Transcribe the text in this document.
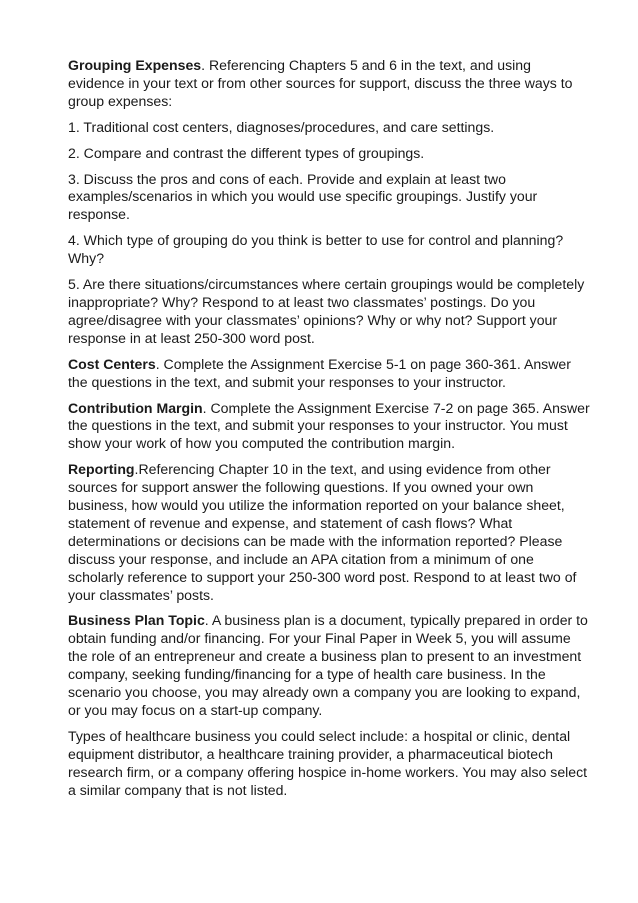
Grouping Expenses. Referencing Chapters 5 and 6 in the text, and using evidence in your text or from other sources for support, discuss the three ways to group expenses:

1. Traditional cost centers, diagnoses/procedures, and care settings.

2. Compare and contrast the different types of groupings.

3. Discuss the pros and cons of each. Provide and explain at least two examples/scenarios in which you would use specific groupings. Justify your response.

4. Which type of grouping do you think is better to use for control and planning? Why?

5. Are there situations/circumstances where certain groupings would be completely inappropriate? Why? Respond to at least two classmates’ postings. Do you agree/disagree with your classmates’ opinions? Why or why not? Support your response in at least 250-300 word post.

Cost Centers. Complete the Assignment Exercise 5-1 on page 360-361. Answer the questions in the text, and submit your responses to your instructor.

Contribution Margin. Complete the Assignment Exercise 7-2 on page 365. Answer the questions in the text, and submit your responses to your instructor. You must show your work of how you computed the contribution margin.

Reporting.Referencing Chapter 10 in the text, and using evidence from other sources for support answer the following questions. If you owned your own business, how would you utilize the information reported on your balance sheet, statement of revenue and expense, and statement of cash flows? What determinations or decisions can be made with the information reported? Please discuss your response, and include an APA citation from a minimum of one scholarly reference to support your 250-300 word post. Respond to at least two of your classmates’ posts.

Business Plan Topic. A business plan is a document, typically prepared in order to obtain funding and/or financing. For your Final Paper in Week 5, you will assume the role of an entrepreneur and create a business plan to present to an investment company, seeking funding/financing for a type of health care business. In the scenario you choose, you may already own a company you are looking to expand, or you may focus on a start-up company.

Types of healthcare business you could select include: a hospital or clinic, dental equipment distributor, a healthcare training provider, a pharmaceutical biotech research firm, or a company offering hospice in-home workers. You may also select a similar company that is not listed.
